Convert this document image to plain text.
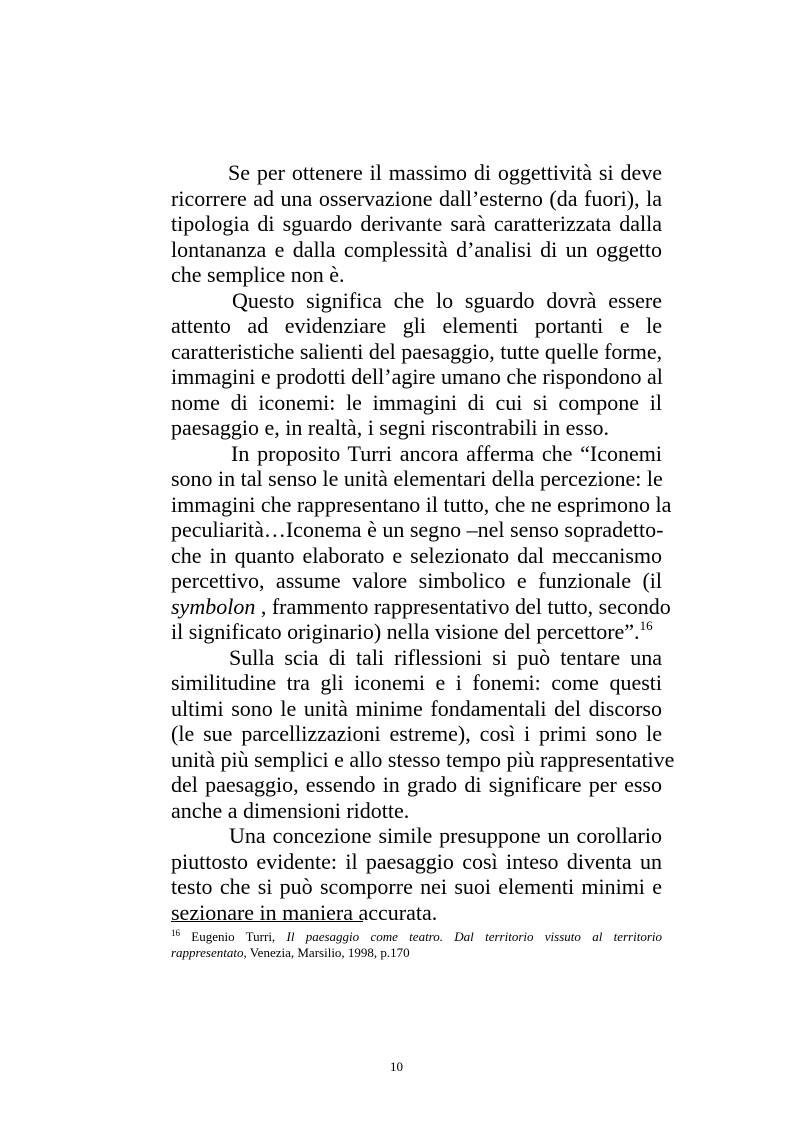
Se per ottenere il massimo di oggettività si deve
ricorrere ad una osservazione dall’esterno (da fuori), la
tipologia di sguardo derivante sarà caratterizzata dalla
lontananza e dalla complessità d’analisi di un oggetto
che semplice non è.
Questo significa che lo sguardo dovrà essere
attento ad evidenziare gli elementi portanti e le
caratteristiche salienti del paesaggio, tutte quelle forme,
immagini e prodotti dell’agire umano che rispondono al
nome di iconemi: le immagini di cui si compone il
paesaggio e, in realtà, i segni riscontrabili in esso.
In proposito Turri ancora afferma che “Iconemi
sono in tal senso le unità elementari della percezione: le
immagini che rappresentano il tutto, che ne esprimono la
peculiarità…Iconema è un segno –nel senso sopradetto-
che in quanto elaborato e selezionato dal meccanismo
percettivo, assume valore simbolico e funzionale (il
symbolon , frammento rappresentativo del tutto, secondo
il significato originario) nella visione del percettore”.$^{16}$
Sulla scia di tali riflessioni si può tentare una
similitudine tra gli iconemi e i fonemi: come questi
ultimi sono le unità minime fondamentali del discorso
(le sue parcellizzazioni estreme), così i primi sono le
unità più semplici e allo stesso tempo più rappresentative
del paesaggio, essendo in grado di significare per esso
anche a dimensioni ridotte.
Una concezione simile presuppone un corollario
piuttosto evidente: il paesaggio così inteso diventa un
testo che si può scomporre nei suoi elementi minimi e
sezionare in maniera accurata.
$^{16}$ Eugenio Turri, Il paesaggio come teatro. Dal territorio vissuto al territorio
rappresentato, Venezia, Marsilio, 1998, p.170
10
